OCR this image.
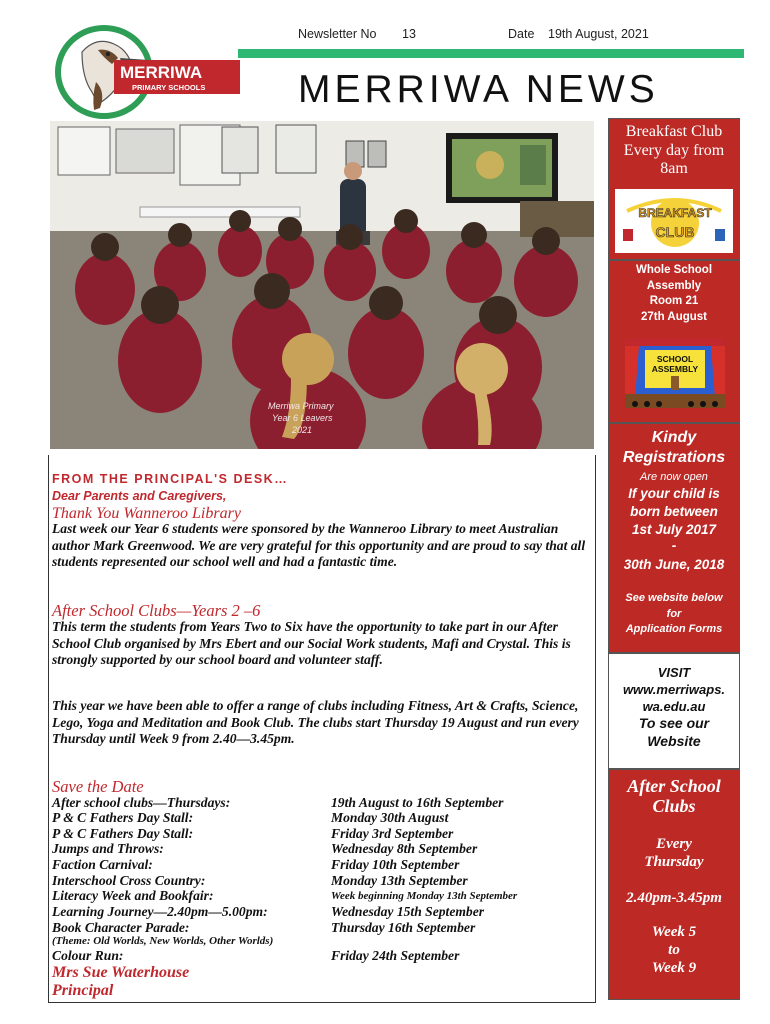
MERRIWA
PRIMARY SCHOOLS
Newsletter No 13	Date 19th August, 2021
MERRIWA NEWS
Merriwa Primary
Year 6 Leavers
2021
FROM THE PRINCIPAL'S DESK…
Dear Parents and Caregivers,
Thank You Wanneroo Library
Last week our Year 6 students were sponsored by the Wanneroo Library to meet Australian author Mark Greenwood. We are very grateful for this opportunity and are proud to say that all students represented our school well and had a fantastic time.
After School Clubs—Years 2 –6
This term the students from Years Two to Six have the opportunity to take part in our After School Club organised by Mrs Ebert and our Social Work students, Mafi and Crystal. This is strongly supported by our school board and volunteer staff.
This year we have been able to offer a range of clubs including Fitness, Art & Crafts, Science, Lego, Yoga and Meditation and Book Club. The clubs start Thursday 19 August and run every Thursday until Week 9 from 2.40—3.45pm.
Save the Date
After school clubs—Thursdays:	19th August to 16th September
P & C Fathers Day Stall:	Monday 30th August
P & C Fathers Day Stall:	Friday 3rd September
Jumps and Throws:	Wednesday 8th September
Faction Carnival:	Friday 10th September
Interschool Cross Country:	Monday 13th September
Literacy Week and Bookfair:	Week beginning Monday 13th September
Learning Journey—2.40pm—5.00pm:	Wednesday 15th September
Book Character Parade:	Thursday 16th September
(Theme: Old Worlds, New Worlds, Other Worlds)
Colour Run:	Friday 24th September
Mrs Sue Waterhouse
Principal
Breakfast Club
Every day from
8am
BREAKFAST
CLUB
Whole School
Assembly
Room 21
27th August
SCHOOL
ASSEMBLY
Kindy
Registrations
Are now open
If your child is
born between
1st July 2017
-
30th June, 2018
See website below
for
Application Forms
VISIT
www.merriwaps.
wa.edu.au
To see our
Website
After School
Clubs
Every
Thursday
2.40pm-3.45pm
Week 5
to
Week 9
